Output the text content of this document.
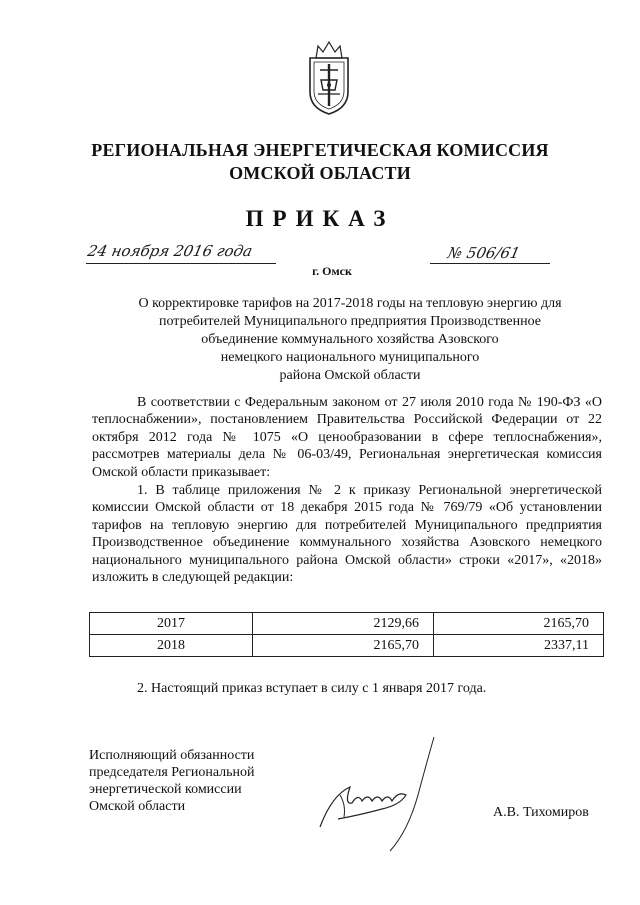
РЕГИОНАЛЬНАЯ ЭНЕРГЕТИЧЕСКАЯ КОМИССИЯ
ОМСКОЙ ОБЛАСТИ
ПРИКАЗ
24 ноября 2016 года	№ 506/61
г. Омск
О корректировке тарифов на 2017-2018 годы на тепловую энергию для
потребителей Муниципального предприятия Производственное
объединение коммунального хозяйства Азовского
немецкого национального муниципального
района Омской области
В соответствии с Федеральным законом от 27 июля 2010 года № 190-ФЗ «О теплоснабжении», постановлением Правительства Российской Федерации от 22 октября 2012 года № 1075 «О ценообразовании в сфере теплоснабжения», рассмотрев материалы дела № 06-03/49, Региональная энергетическая комиссия Омской области приказывает:
1. В таблице приложения № 2 к приказу Региональной энергетической комиссии Омской области от 18 декабря 2015 года № 769/79 «Об установлении тарифов на тепловую энергию для потребителей Муниципального предприятия Производственное объединение коммунального хозяйства Азовского немецкого национального муниципального района Омской области» строки «2017», «2018» изложить в следующей редакции:
2017	2129,66	2165,70
2018	2165,70	2337,11
2. Настоящий приказ вступает в силу с 1 января 2017 года.
Исполняющий обязанности
председателя Региональной
энергетической комиссии
Омской области	А.В. Тихомиров
